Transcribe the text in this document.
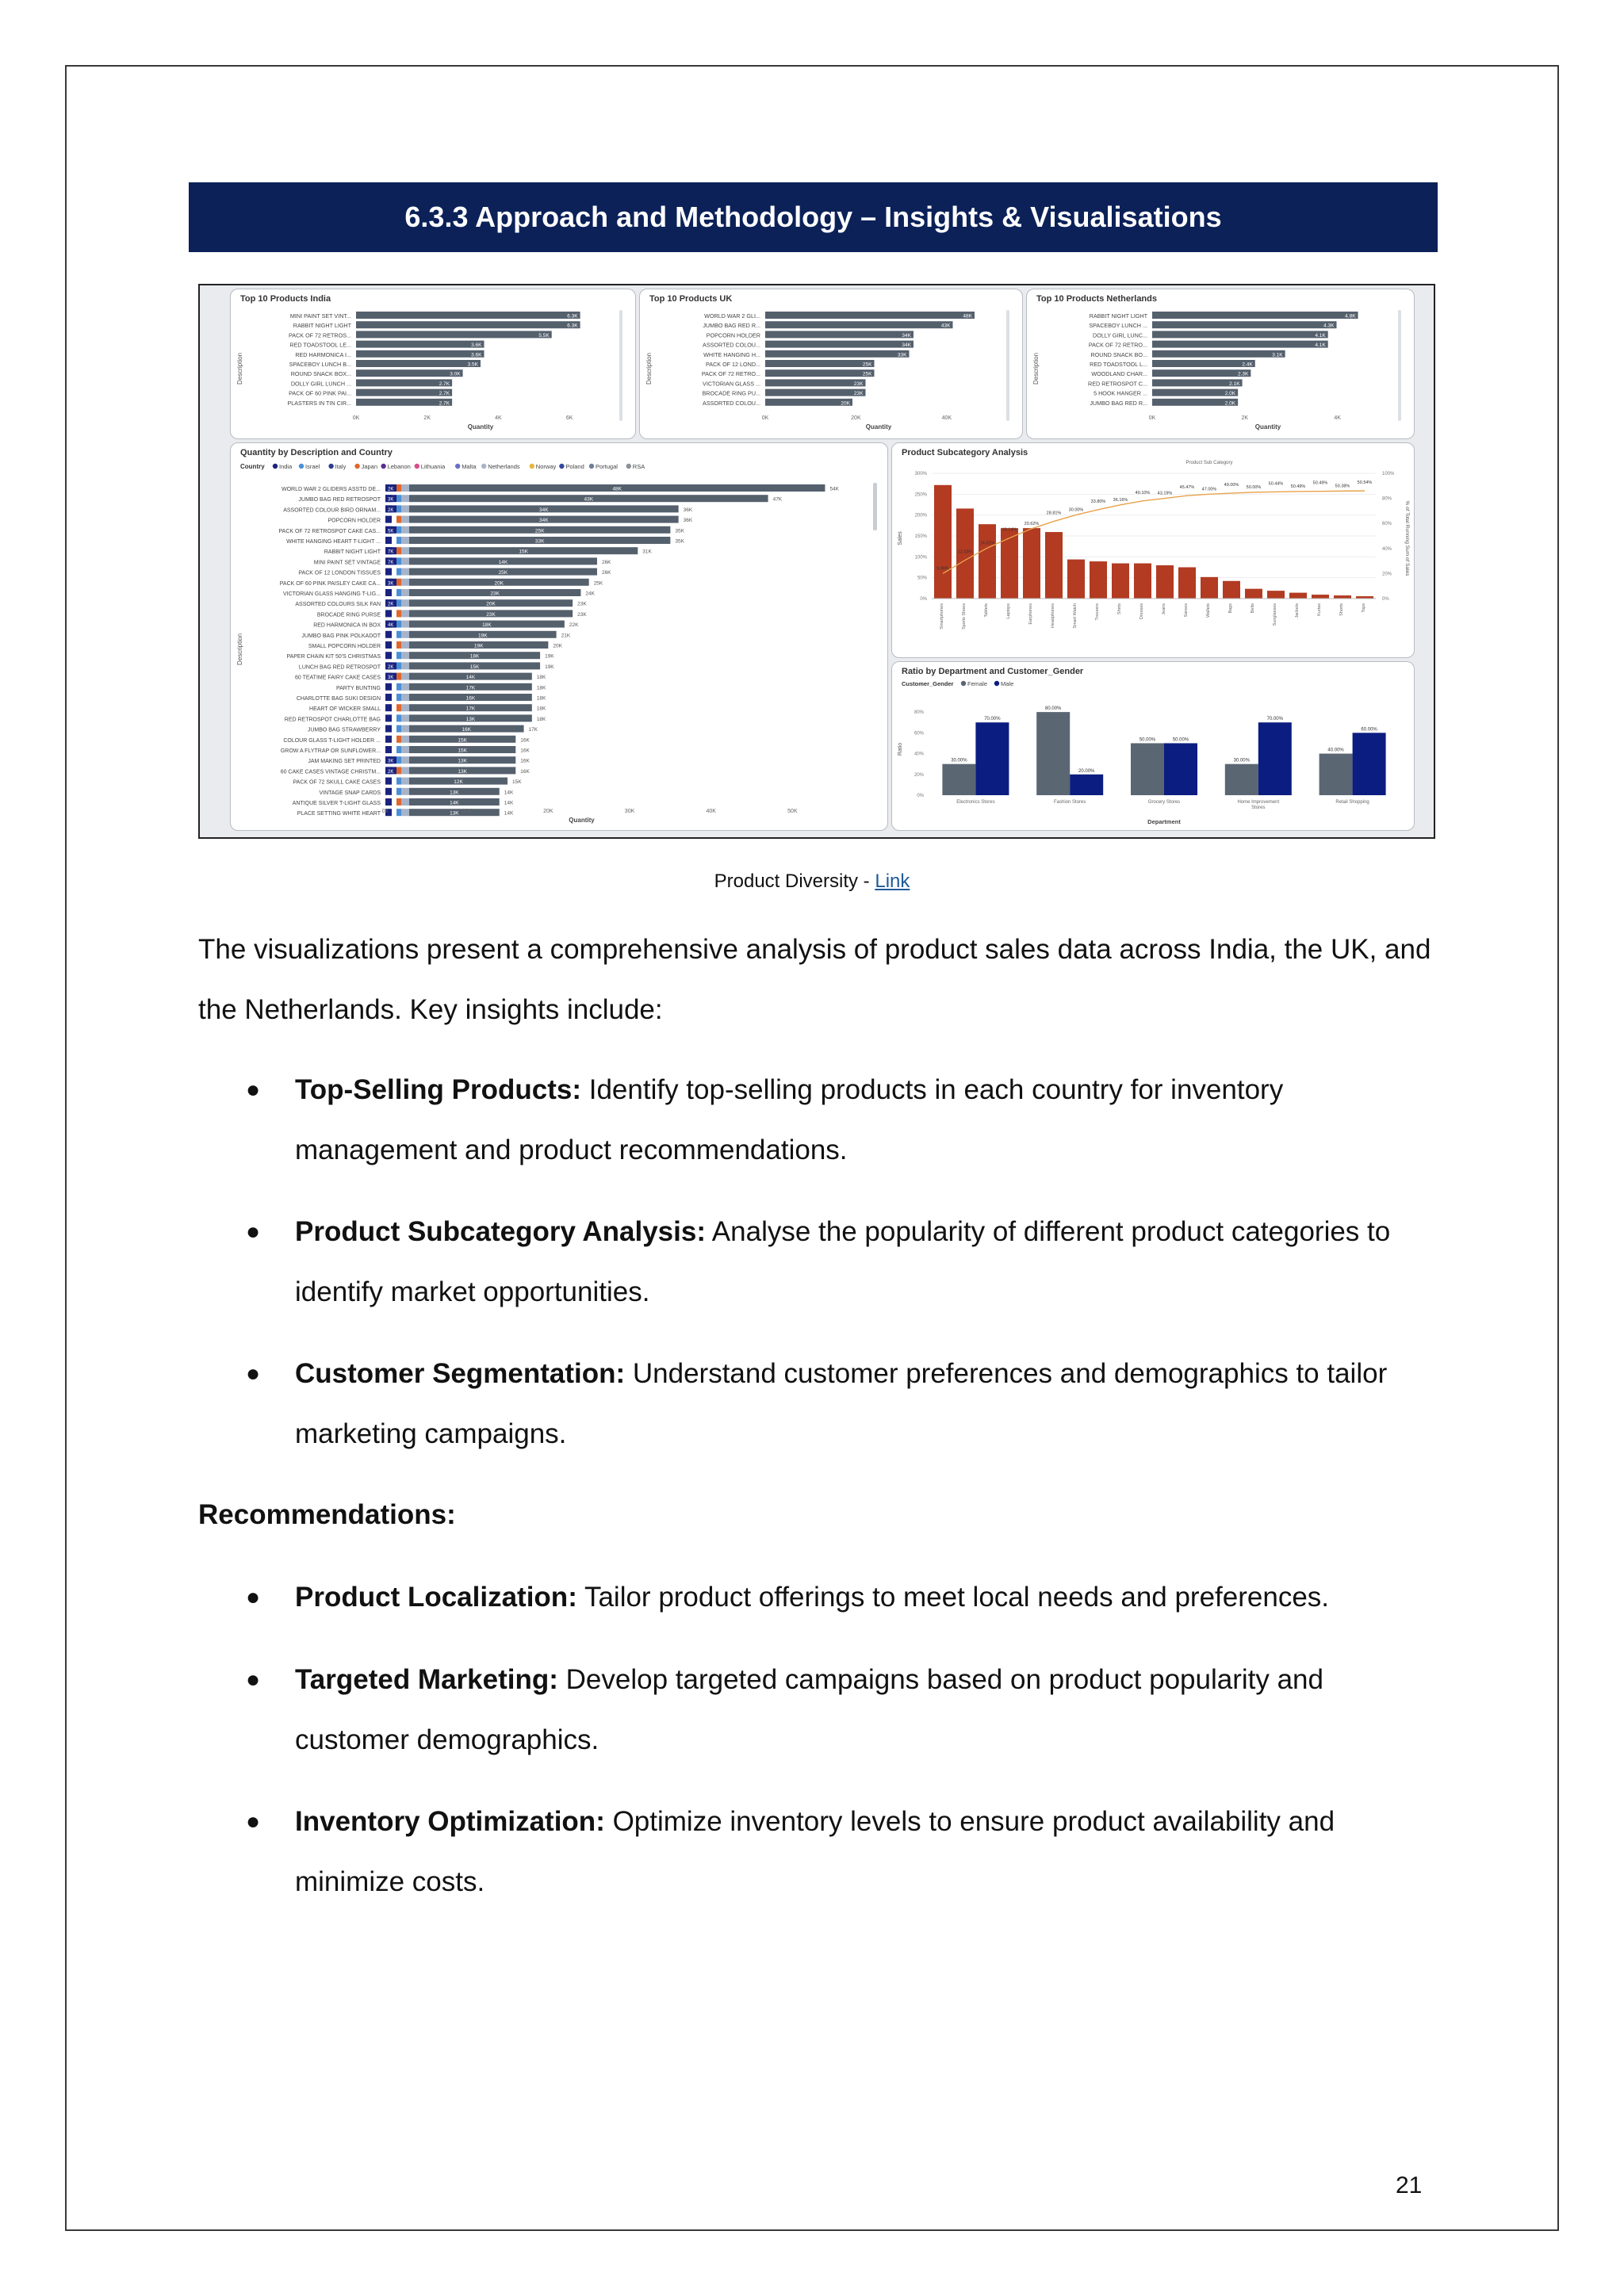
6.3.3 Approach and Methodology – Insights & Visualisations
Top 10 Products India
Description
MINI PAINT SET VINT...	6.3K
RABBIT NIGHT LIGHT	6.3K
PACK OF 72 RETROS...	5.5K
RED TOADSTOOL LE...	3.6K
RED HARMONICA I...	3.6K
SPACEBOY LUNCH B...	3.5K
ROUND SNACK BOX...	3.0K
DOLLY GIRL LUNCH ...	2.7K
PACK OF 60 PINK PAI...	2.7K
PLASTERS IN TIN CIR...	2.7K
0K	2K	4K	6K
Quantity
Top 10 Products UK
Description
WORLD WAR 2 GLI...	48K
JUMBO BAG RED R...	43K
POPCORN HOLDER	34K
ASSORTED COLOU...	34K
WHITE HANGING H...	33K
PACK OF 12 LOND...	25K
PACK OF 72 RETRO...	25K
VICTORIAN GLASS ...	23K
BROCADE RING PU...	23K
ASSORTED COLOU...	20K
0K	20K	40K
Quantity
Top 10 Products Netherlands
Description
RABBIT NIGHT LIGHT	4.8K
SPACEBOY LUNCH ...	4.3K
DOLLY GIRL LUNC...	4.1K
PACK OF 72 RETRO...	4.1K
ROUND SNACK BO...	3.1K
RED TOADSTOOL L...	2.4K
WOODLAND CHAR...	2.3K
RED RETROSPOT C...	2.1K
5 HOOK HANGER ...	2.0K
JUMBO BAG RED R...	2.0K
0K	2K	4K
Quantity
Quantity by Description and Country
Country India Israel	Italy	Japan Lebanon Lithuania	Malta Netherlands	Norway Poland Portugal	RSA
Description
WORLD WAR 2 GLIDERS ASSTD DE... 2K	48K	54K
JUMBO BAG RED RETROSPOT 3K	43K	47K
ASSORTED COLOUR BIRD ORNAM... 2K	34K	36K
POPCORN HOLDER	34K	36K
PACK OF 72 RETROSPOT CAKE CAS... 5K	25K	35K
WHITE HANGING HEART T-LIGHT ...	33K	35K
RABBIT NIGHT LIGHT 7K	15K	31K
MINI PAINT SET VINTAGE 7K	14K	26K
PACK OF 12 LONDON TISSUES	25K	26K
PACK OF 60 PINK PAISLEY CAKE CA... 3K	20K	25K
VICTORIAN GLASS HANGING T-LIG...	23K	24K
ASSORTED COLOURS SILK FAN 2K	20K	23K
BROCADE RING PURSE	23K	23K
RED HARMONICA IN BOX 4K	18K	22K
JUMBO BAG PINK POLKADOT	19K	21K
SMALL POPCORN HOLDER	19K	20K
PAPER CHAIN KIT 50'S CHRISTMAS	18K	19K
LUNCH BAG RED RETROSPOT 2K	15K	19K
60 TEATIME FAIRY CAKE CASES 3K	14K	18K
PARTY BUNTING	17K	18K
CHARLOTTE BAG SUKI DESIGN	16K	18K
HEART OF WICKER SMALL	17K	18K
RED RETROSPOT CHARLOTTE BAG	13K	18K
JUMBO BAG STRAWBERRY	16K	17K
COLOUR GLASS T-LIGHT HOLDER ...	15K	16K
GROW A FLYTRAP OR SUNFLOWER...	15K	16K
JAM MAKING SET PRINTED 3K	13K	16K
60 CAKE CASES VINTAGE CHRISTM... 2K	13K	16K
PACK OF 72 SKULL CAKE CASES	12K	15K
VINTAGE SNAP CARDS	13K	14K
ANTIQUE SILVER T-LIGHT GLASS	14K	14K
PLACE SETTING WHITE HEART	13K	14K
0K	10K	20K	30K	40K	50K
Quantity
Product Subcategory Analysis
Product Sub Category
Sales	% of Total Running Sum of Sales
0%
50%
100%
150%
200%
250%
300%
0%
20%
40%
60%
80%
100%
Smartphones
9.96%
Sports Shoes
12.33%
Tablets
14.62%
Laptops
19.14%
Earphones
20.62%
Headphones
28.81%
Smart Watch
30.00%
Trousers
33.80%
Shirts
36.16%
Dresses
40.10%
Jeans
43.19%
Sarees
45.47%
Wallets
47.00%
Bags
49.00%
Belts
50.00%
Sunglasses
50.44%
Jackets
50.49%
Kurtas
50.49%
Shorts
50.38%
Tops
50.54%
Ratio by Department and Customer_Gender
Customer_Gender Female Male
Ratio
0%
20%
40%
60%
80%
30.00%
70.00%
Electronics Stores
80.00%
20.00%
Fashion Stores
50.00%	50.00%
Grocery Stores
30.00%
70.00%
Home Improvement
Stores
40.00%
60.00%
Retail Shopping
Department
Product Diversity - Link
The visualizations present a comprehensive analysis of product sales data across India, the UK, and the Netherlands. Key insights include:
● Top-Selling Products: Identify top-selling products in each country for inventory management and product recommendations.
● Product Subcategory Analysis: Analyse the popularity of different product categories to identify market opportunities.
● Customer Segmentation: Understand customer preferences and demographics to tailor marketing campaigns.
Recommendations:
● Product Localization: Tailor product offerings to meet local needs and preferences.
● Targeted Marketing: Develop targeted campaigns based on product popularity and customer demographics.
● Inventory Optimization: Optimize inventory levels to ensure product availability and minimize costs.
21
